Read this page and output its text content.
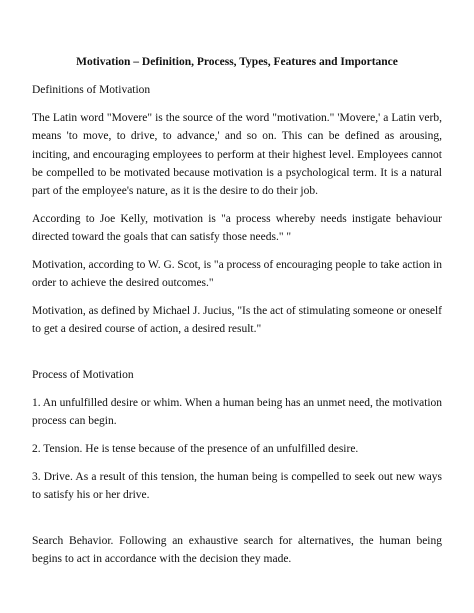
Motivation – Definition, Process, Types, Features and Importance

Definitions of Motivation

The Latin word "Movere" is the source of the word "motivation." 'Movere,' a Latin verb,

means 'to move, to drive, to advance,' and so on. This can be defined as arousing,

inciting, and encouraging employees to perform at their highest level. Employees cannot

be compelled to be motivated because motivation is a psychological term. It is a natural

part of the employee's nature, as it is the desire to do their job.

According to Joe Kelly, motivation is "a process whereby needs instigate behaviour

directed toward the goals that can satisfy those needs." "

Motivation, according to W. G. Scot, is "a process of encouraging people to take action in

order to achieve the desired outcomes."

Motivation, as defined by Michael J. Jucius, "Is the act of stimulating someone or oneself

to get a desired course of action, a desired result."

Process of Motivation

1. An unfulfilled desire or whim. When a human being has an unmet need, the motivation

process can begin.

2. Tension. He is tense because of the presence of an unfulfilled desire.

3. Drive. As a result of this tension, the human being is compelled to seek out new ways

to satisfy his or her drive.

Search Behavior. Following an exhaustive search for alternatives, the human being

begins to act in accordance with the decision they made.
